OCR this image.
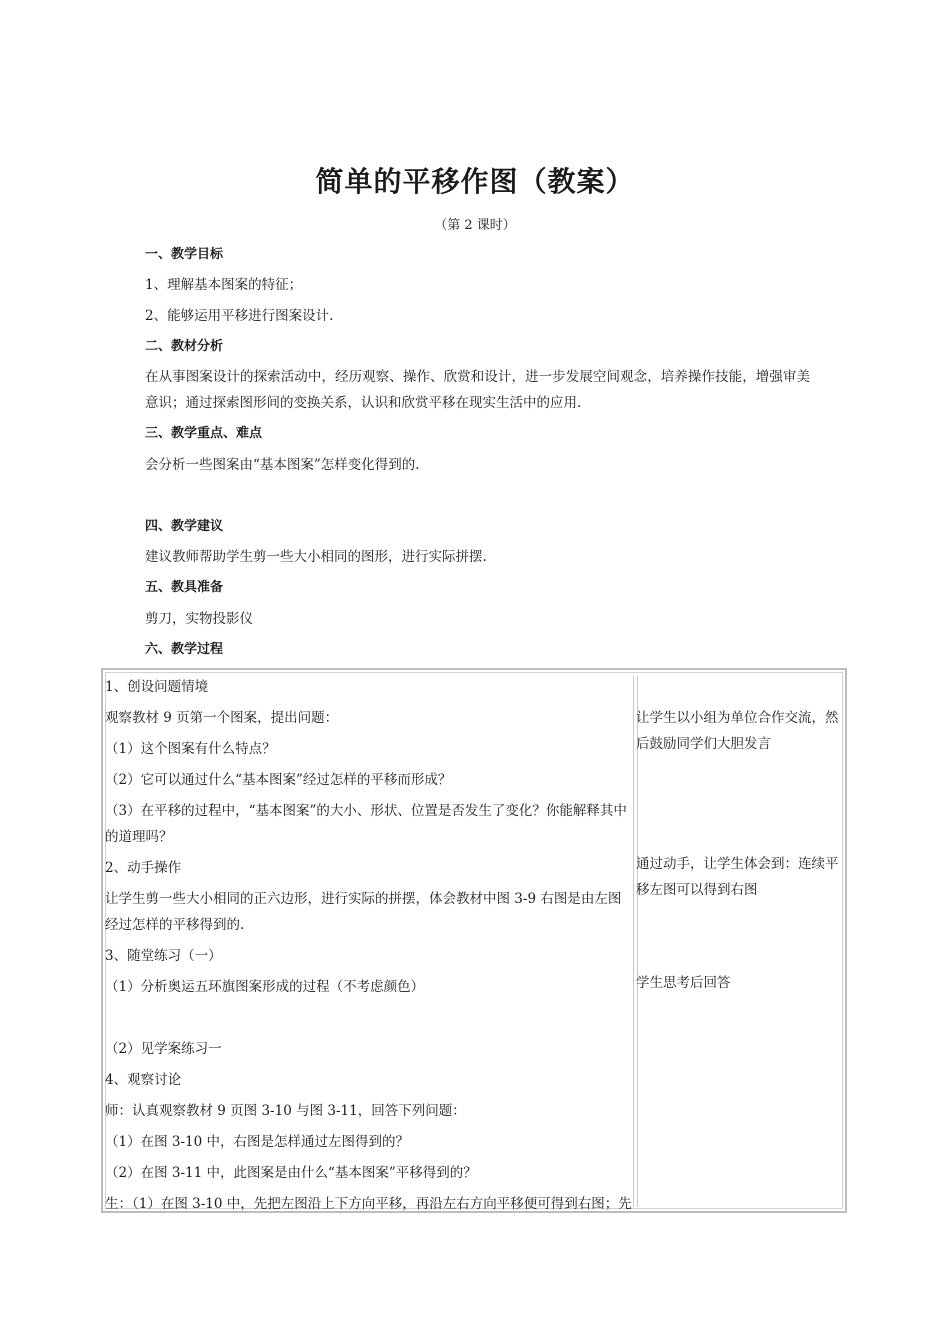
简单的平移作图（教案）
（第 2 课时）
一、教学目标
1、理解基本图案的特征；
2、能够运用平移进行图案设计.
二、教材分析
在从事图案设计的探索活动中，经历观察、操作、欣赏和设计，进一步发展空间观念，培养操作技能，增强审美意识；通过探索图形间的变换关系，认识和欣赏平移在现实生活中的应用.
三、教学重点、难点
会分析一些图案由“基本图案”怎样变化得到的.
四、教学建议
建议教师帮助学生剪一些大小相同的图形，进行实际拼摆.
五、教具准备
剪刀，实物投影仪
六、教学过程

1、创设问题情境

观察教材 9 页第一个图案，提出问题：

（1）这个图案有什么特点？

（2）它可以通过什么“基本图案”经过怎样的平移而形成？

（3）在平移的过程中，“基本图案”的大小、形状、位置是否发生了变化？你能解释其中的道理吗？

2、动手操作

让学生剪一些大小相同的正六边形，进行实际的拼摆，体会教材中图 3-9 右图是由左图经过怎样的平移得到的.

3、随堂练习（一）

（1）分析奥运五环旗图案形成的过程（不考虑颜色）

（2）见学案练习一

4、观察讨论

师：认真观察教材 9 页图 3-10 与图 3-11，回答下列问题：

（1）在图 3-10 中，右图是怎样通过左图得到的？

（2）在图 3-11 中，此图案是由什么“基本图案”平移得到的？

生：（1）在图 3-10 中，先把左图沿上下方向平移，再沿左右方向平移便可得到右图；先

让学生以小组为单位合作交流，然后鼓励同学们大胆发言

通过动手，让学生体会到：连续平移左图可以得到右图

学生思考后回答
